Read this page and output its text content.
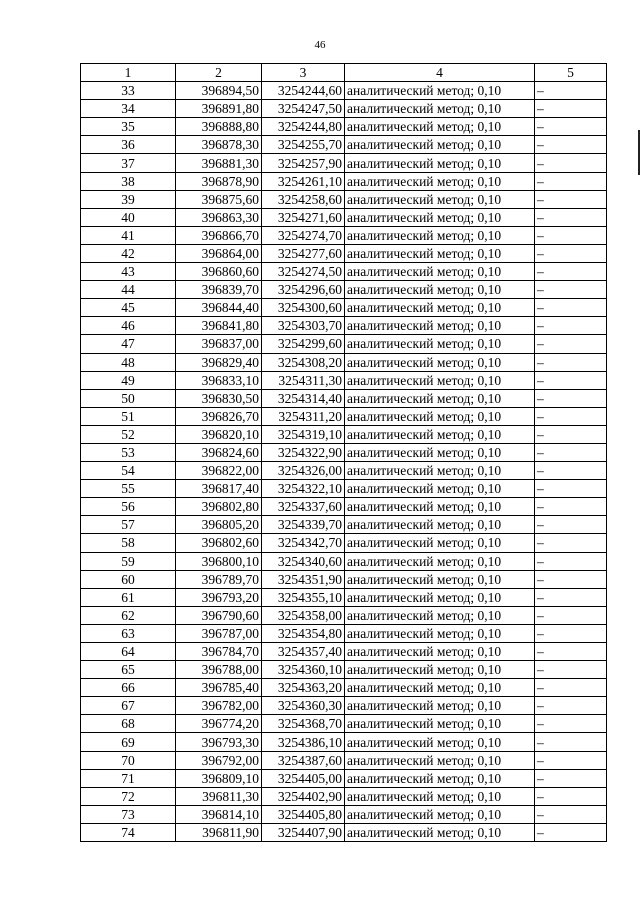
46
1	2	3	4	5
33	396894,50	3254244,60	аналитический метод; 0,10	–
34	396891,80	3254247,50	аналитический метод; 0,10	–
35	396888,80	3254244,80	аналитический метод; 0,10	–
36	396878,30	3254255,70	аналитический метод; 0,10	–
37	396881,30	3254257,90	аналитический метод; 0,10	–
38	396878,90	3254261,10	аналитический метод; 0,10	–
39	396875,60	3254258,60	аналитический метод; 0,10	–
40	396863,30	3254271,60	аналитический метод; 0,10	–
41	396866,70	3254274,70	аналитический метод; 0,10	–
42	396864,00	3254277,60	аналитический метод; 0,10	–
43	396860,60	3254274,50	аналитический метод; 0,10	–
44	396839,70	3254296,60	аналитический метод; 0,10	–
45	396844,40	3254300,60	аналитический метод; 0,10	–
46	396841,80	3254303,70	аналитический метод; 0,10	–
47	396837,00	3254299,60	аналитический метод; 0,10	–
48	396829,40	3254308,20	аналитический метод; 0,10	–
49	396833,10	3254311,30	аналитический метод; 0,10	–
50	396830,50	3254314,40	аналитический метод; 0,10	–
51	396826,70	3254311,20	аналитический метод; 0,10	–
52	396820,10	3254319,10	аналитический метод; 0,10	–
53	396824,60	3254322,90	аналитический метод; 0,10	–
54	396822,00	3254326,00	аналитический метод; 0,10	–
55	396817,40	3254322,10	аналитический метод; 0,10	–
56	396802,80	3254337,60	аналитический метод; 0,10	–
57	396805,20	3254339,70	аналитический метод; 0,10	–
58	396802,60	3254342,70	аналитический метод; 0,10	–
59	396800,10	3254340,60	аналитический метод; 0,10	–
60	396789,70	3254351,90	аналитический метод; 0,10	–
61	396793,20	3254355,10	аналитический метод; 0,10	–
62	396790,60	3254358,00	аналитический метод; 0,10	–
63	396787,00	3254354,80	аналитический метод; 0,10	–
64	396784,70	3254357,40	аналитический метод; 0,10	–
65	396788,00	3254360,10	аналитический метод; 0,10	–
66	396785,40	3254363,20	аналитический метод; 0,10	–
67	396782,00	3254360,30	аналитический метод; 0,10	–
68	396774,20	3254368,70	аналитический метод; 0,10	–
69	396793,30	3254386,10	аналитический метод; 0,10	–
70	396792,00	3254387,60	аналитический метод; 0,10	–
71	396809,10	3254405,00	аналитический метод; 0,10	–
72	396811,30	3254402,90	аналитический метод; 0,10	–
73	396814,10	3254405,80	аналитический метод; 0,10	–
74	396811,90	3254407,90	аналитический метод; 0,10	–
